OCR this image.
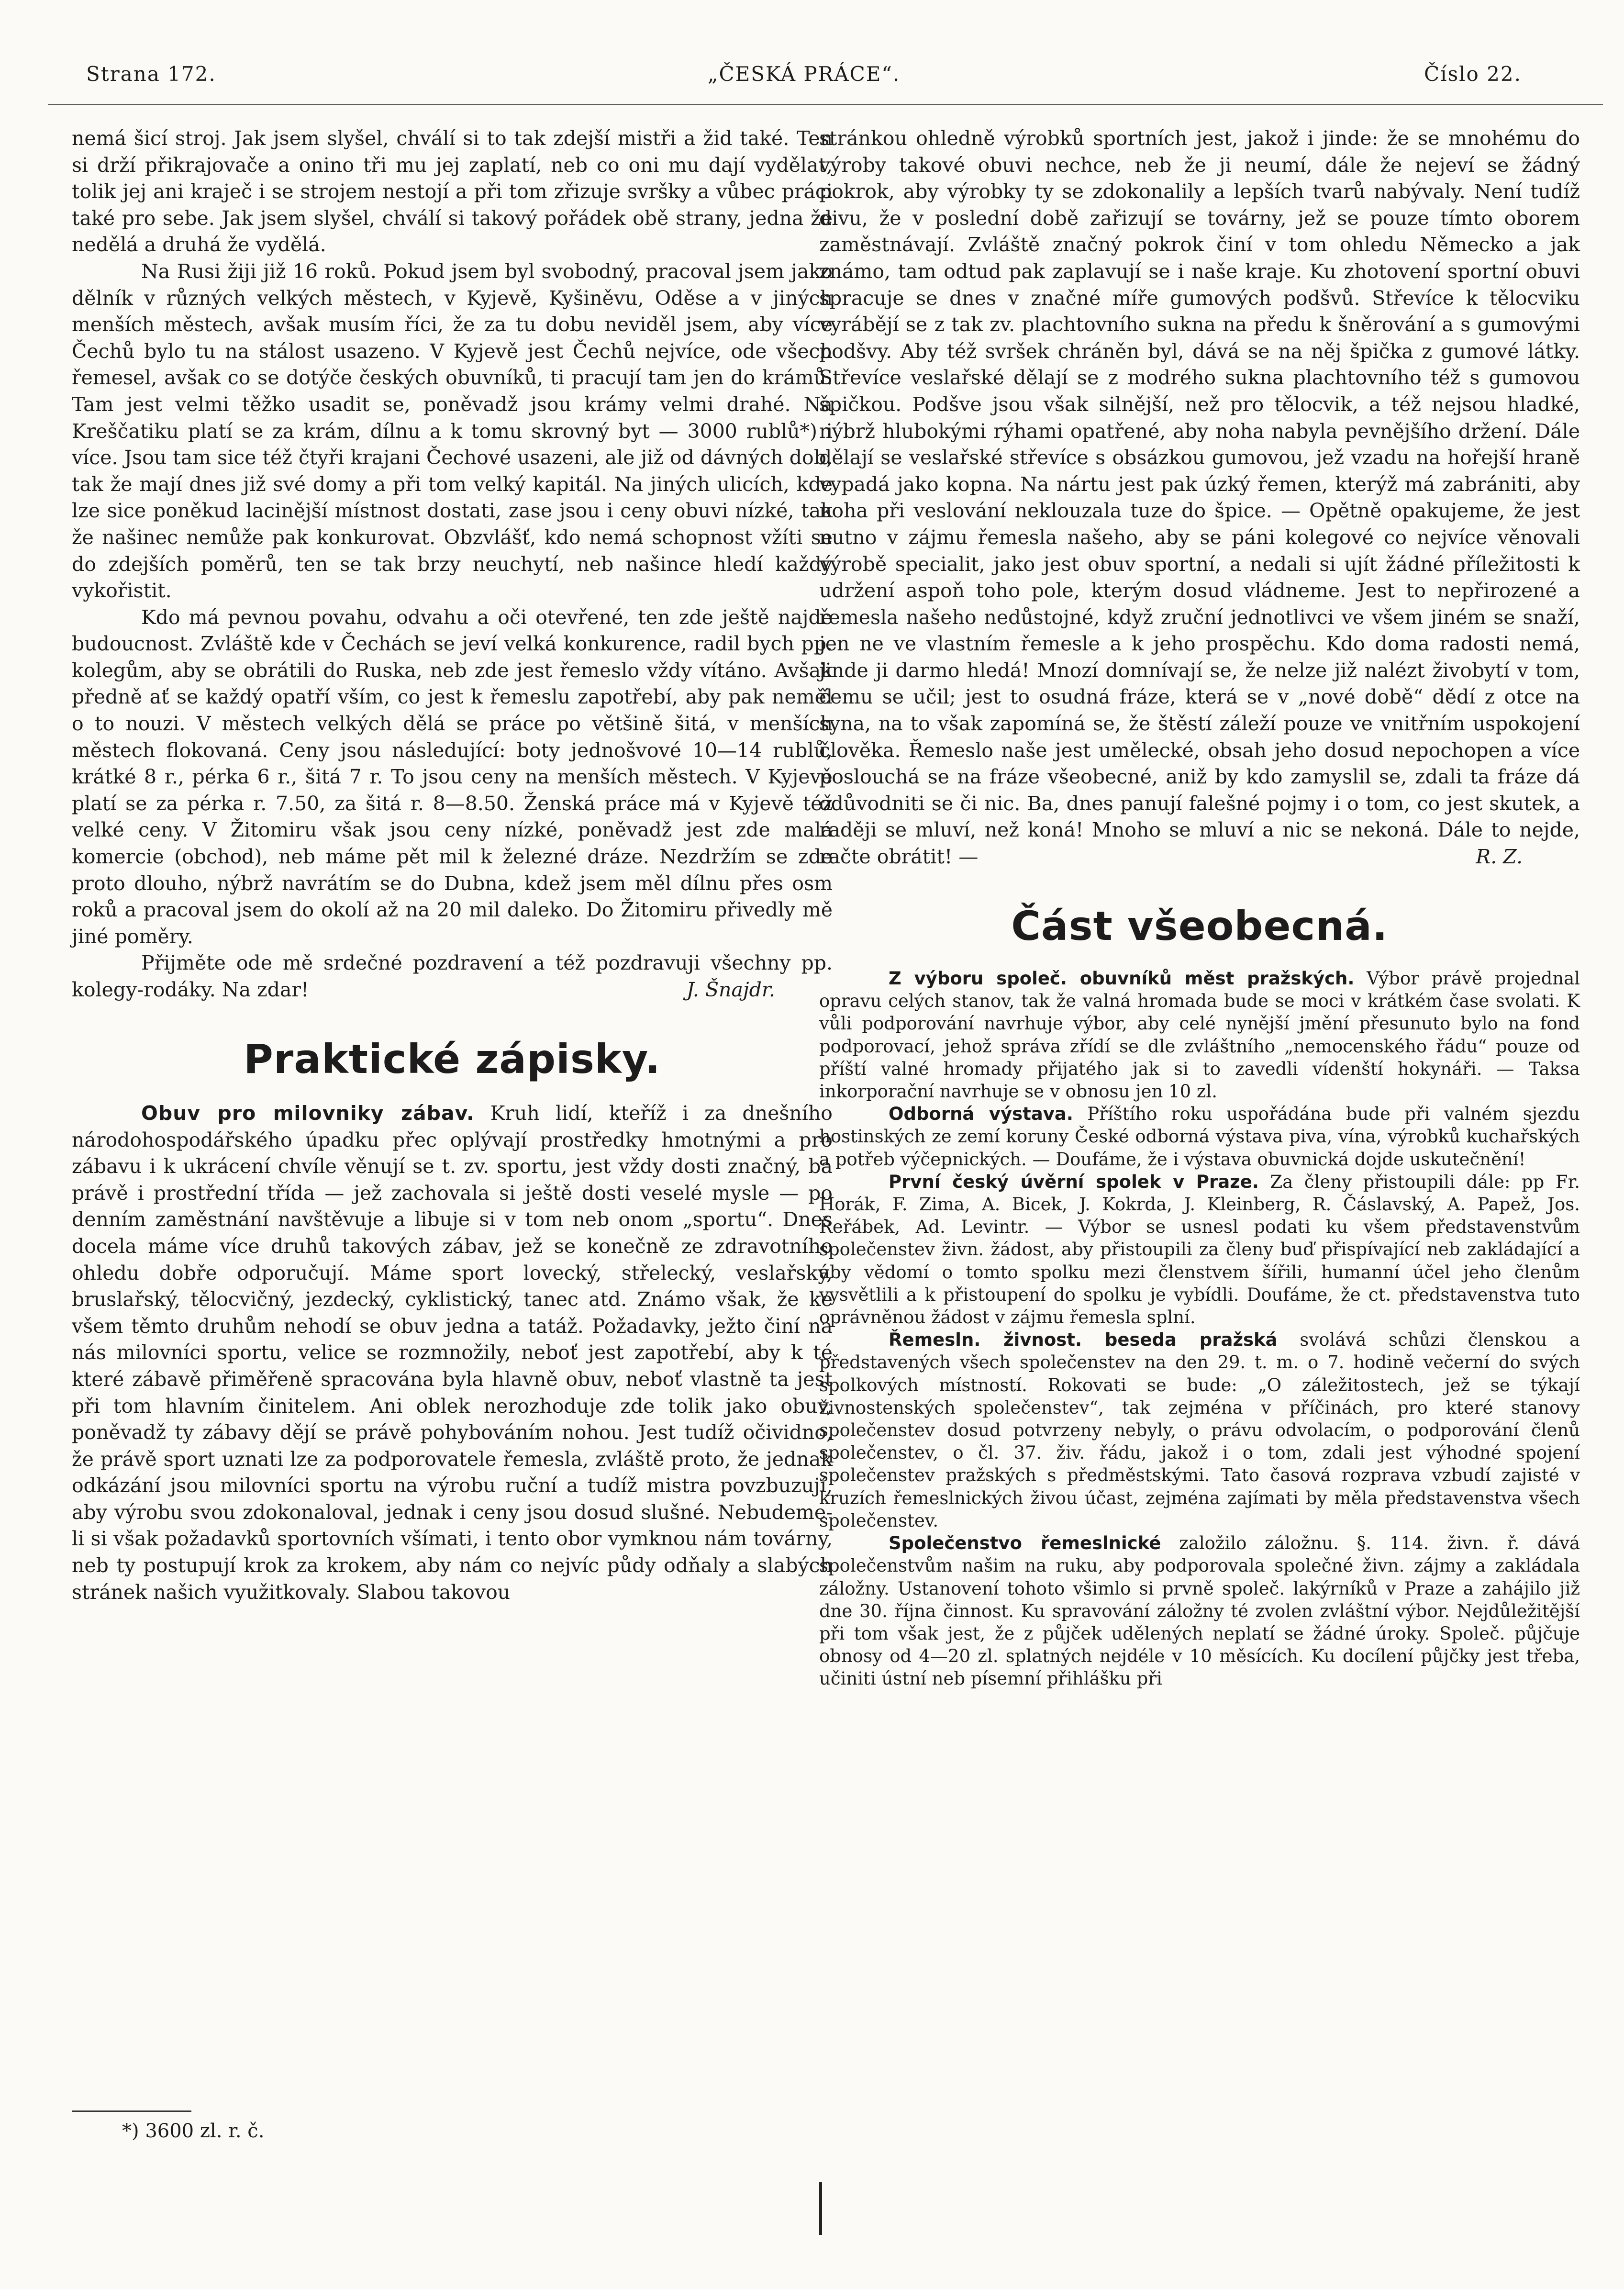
Strana 172.	„ČESKÁ PRÁCE“.	Číslo 22.

nemá šicí stroj. Jak jsem slyšel, chválí si to tak zdejší mistři a žid také. Ten si drží přikrajovače a onino tři mu jej zaplatí, neb co oni mu dají vydělat, tolik jej ani kraječ i se strojem nestojí a při tom zřizuje svršky a vůbec práci také pro sebe. Jak jsem slyšel, chválí si takový pořádek obě strany, jedna že nedělá a druhá že vydělá.

Na Rusi žiji již 16 roků. Pokud jsem byl svobodný, pracoval jsem jako dělník v různých velkých městech, v Kyjevě, Kyšiněvu, Oděse a v jiných menších městech, avšak musím říci, že za tu dobu neviděl jsem, aby více Čechů bylo tu na stálost usazeno. V Kyjevě jest Čechů nejvíce, ode všech řemesel, avšak co se dotýče českých obuvníků, ti pracují tam jen do krámů. Tam jest velmi těžko usadit se, poněvadž jsou krámy velmi drahé. Na Kreščatiku platí se za krám, dílnu a k tomu skrovný byt — 3000 rublů*) i více. Jsou tam sice též čtyři krajani Čechové usazeni, ale již od dávných dob, tak že mají dnes již své domy a při tom velký kapitál. Na jiných ulicích, kde lze sice poněkud lacinější místnost dostati, zase jsou i ceny obuvi nízké, tak že našinec nemůže pak konkurovat. Obzvlášť, kdo nemá schopnost vžíti se do zdejších poměrů, ten se tak brzy neuchytí, neb našince hledí každý vykořistit.

Kdo má pevnou povahu, odvahu a oči otevřené, ten zde ještě najde budoucnost. Zvláště kde v Čechách se jeví velká konkurence, radil bych pp. kolegům, aby se obrátili do Ruska, neb zde jest řemeslo vždy vítáno. Avšak předně ať se každý opatří vším, co jest k řemeslu zapotřebí, aby pak neměl o to nouzi. V městech velkých dělá se práce po většině šitá, v menších městech flokovaná. Ceny jsou následující: boty jednošvové 10—14 rublů, krátké 8 r., pérka 6 r., šitá 7 r. To jsou ceny na menších městech. V Kyjevě platí se za pérka r. 7.50, za šitá r. 8—8.50. Ženská práce má v Kyjevě též velké ceny. V Žitomiru však jsou ceny nízké, poněvadž jest zde malá komercie (obchod), neb máme pět mil k železné dráze. Nezdržím se zde proto dlouho, nýbrž navrátím se do Dubna, kdež jsem měl dílnu přes osm roků a pracoval jsem do okolí až na 20 mil daleko. Do Žitomiru přivedly mě jiné poměry.

Přijměte ode mě srdečné pozdravení a též pozdravuji všechny pp. kolegy-rodáky. Na zdar!	J. Šnajdr.

Praktické zápisky.

Obuv pro milovniky zábav. Kruh lidí, kteříž i za dnešního národohospodářského úpadku přec oplývají prostředky hmotnými a pro zábavu i k ukrácení chvíle věnují se t. zv. sportu, jest vždy dosti značný, ba právě i prostřední třída — jež zachovala si ještě dosti veselé mysle — po denním zaměstnání navštěvuje a libuje si v tom neb onom „sportu“. Dnes docela máme více druhů takových zábav, jež se konečně ze zdravotního ohledu dobře odporučují. Máme sport lovecký, střelecký, veslařský, bruslařský, tělocvičný, jezdecký, cyklistický, tanec atd. Známo však, že ke všem těmto druhům nehodí se obuv jedna a tatáž. Požadavky, ježto činí na nás milovníci sportu, velice se rozmnožily, neboť jest zapotřebí, aby k té které zábavě přiměřeně spracována byla hlavně obuv, neboť vlastně ta jest při tom hlavním činitelem. Ani oblek nerozhoduje zde tolik jako obuv, poněvadž ty zábavy dějí se právě pohybováním nohou. Jest tudíž očividno, že právě sport uznati lze za podporovatele řemesla, zvláště proto, že jednak odkázání jsou milovníci sportu na výrobu ruční a tudíž mistra povzbuzují, aby výrobu svou zdokonaloval, jednak i ceny jsou dosud slušné. Nebudeme-li si však požadavků sportovních všímati, i tento obor vymknou nám továrny, neb ty postupují krok za krokem, aby nám co nejvíc půdy odňaly a slabých stránek našich využitkovaly. Slabou takovou

*) 3600 zl. r. č.

stránkou ohledně výrobků sportních jest, jakož i jinde: že se mnohému do výroby takové obuvi nechce, neb že ji neumí, dále že nejeví se žádný pokrok, aby výrobky ty se zdokonalily a lepších tvarů nabývaly. Není tudíž divu, že v poslední době zařizují se továrny, jež se pouze tímto oborem zaměstnávají. Zvláště značný pokrok činí v tom ohledu Německo a jak známo, tam odtud pak zaplavují se i naše kraje. Ku zhotovení sportní obuvi spracuje se dnes v značné míře gumových podšvů. Střevíce k tělocviku vyrábějí se z tak zv. plachtovního sukna na předu k šněrování a s gumovými podšvy. Aby též svršek chráněn byl, dává se na něj špička z gumové látky. Střevíce veslařské dělají se z modrého sukna plachtovního též s gumovou špičkou. Podšve jsou však silnější, než pro tělocvik, a též nejsou hladké, nýbrž hlubokými rýhami opatřené, aby noha nabyla pevnějšího držení. Dále dělají se veslařské střevíce s obsázkou gumovou, jež vzadu na hořejší hraně vypadá jako kopna. Na nártu jest pak úzký řemen, kterýž má zabrániti, aby noha při veslování neklouzala tuze do špice. — Opětně opakujeme, že jest nutno v zájmu řemesla našeho, aby se páni kolegové co nejvíce věnovali výrobě specialit, jako jest obuv sportní, a nedali si ujít žádné příležitosti k udržení aspoň toho pole, kterým dosud vládneme. Jest to nepřirozené a řemesla našeho nedůstojné, když zruční jednotlivci ve všem jiném se snaží, jen ne ve vlastním řemesle a k jeho prospěchu. Kdo doma radosti nemá, jinde ji darmo hledá! Mnozí domnívají se, že nelze již nalézt živobytí v tom, čemu se učil; jest to osudná fráze, která se v „nové době“ dědí z otce na syna, na to však zapomíná se, že štěstí záleží pouze ve vnitřním uspokojení člověka. Řemeslo naše jest umělecké, obsah jeho dosud nepochopen a více poslouchá se na fráze všeobecné, aniž by kdo zamyslil se, zdali ta fráze dá odůvodniti se či nic. Ba, dnes panují falešné pojmy i o tom, co jest skutek, a raději se mluví, než koná! Mnoho se mluví a nic se nekoná. Dále to nejde, račte obrátit! —	R. Z.

Část všeobecná.

Z výboru společ. obuvníků měst pražských. Výbor právě projednal opravu celých stanov, tak že valná hromada bude se moci v krátkém čase svolati. K vůli podporování navrhuje výbor, aby celé nynější jmění přesunuto bylo na fond podporovací, jehož správa zřídí se dle zvláštního „nemocenského řádu“ pouze od příští valné hromady přijatého jak si to zavedli vídenští hokynáři. — Taksa inkorporační navrhuje se v obnosu jen 10 zl.

Odborná výstava. Příštího roku uspořádána bude při valném sjezdu hostinských ze zemí koruny České odborná výstava piva, vína, výrobků kuchařských a potřeb výčepnických. — Doufáme, že i výstava obuvnická dojde uskutečnění!

První český úvěrní spolek v Praze. Za členy přistoupili dále: pp Fr. Horák, F. Zima, A. Bicek, J. Kokrda, J. Kleinberg, R. Čáslavský, A. Papež, Jos. Řeřábek, Ad. Levintr. — Výbor se usnesl podati ku všem představenstvům společenstev živn. žádost, aby přistoupili za členy buď přispívající neb zakládající a aby vědomí o tomto spolku mezi členstvem šířili, humanní účel jeho členům vysvětlili a k přistoupení do spolku je vybídli. Doufáme, že ct. představenstva tuto oprávněnou žádost v zájmu řemesla splní.

Řemesln. živnost. beseda pražská svolává schůzi členskou a představených všech společenstev na den 29. t. m. o 7. hodině večerní do svých spolkových místností. Rokovati se bude: „O záležitostech, jež se týkají živnostenských společenstev“, tak zejména v příčinách, pro které stanovy společenstev dosud potvrzeny nebyly, o právu odvolacím, o podporování členů společenstev, o čl. 37. živ. řádu, jakož i o tom, zdali jest výhodné spojení společenstev pražských s předměstskými. Tato časová rozprava vzbudí zajisté v kruzích řemeslnických živou účast, zejména zajímati by měla představenstva všech společenstev.

Společenstvo řemeslnické založilo záložnu. §. 114. živn. ř. dává společenstvům našim na ruku, aby podporovala společné živn. zájmy a zakládala záložny. Ustanovení tohoto všimlo si prvně společ. lakýrníků v Praze a zahájilo již dne 30. října činnost. Ku spravování záložny té zvolen zvláštní výbor. Nejdůležitější při tom však jest, že z půjček udělených neplatí se žádné úroky. Společ. půjčuje obnosy od 4—20 zl. splatných nejdéle v 10 měsících. Ku docílení půjčky jest třeba, učiniti ústní neb písemní přihlášku při
